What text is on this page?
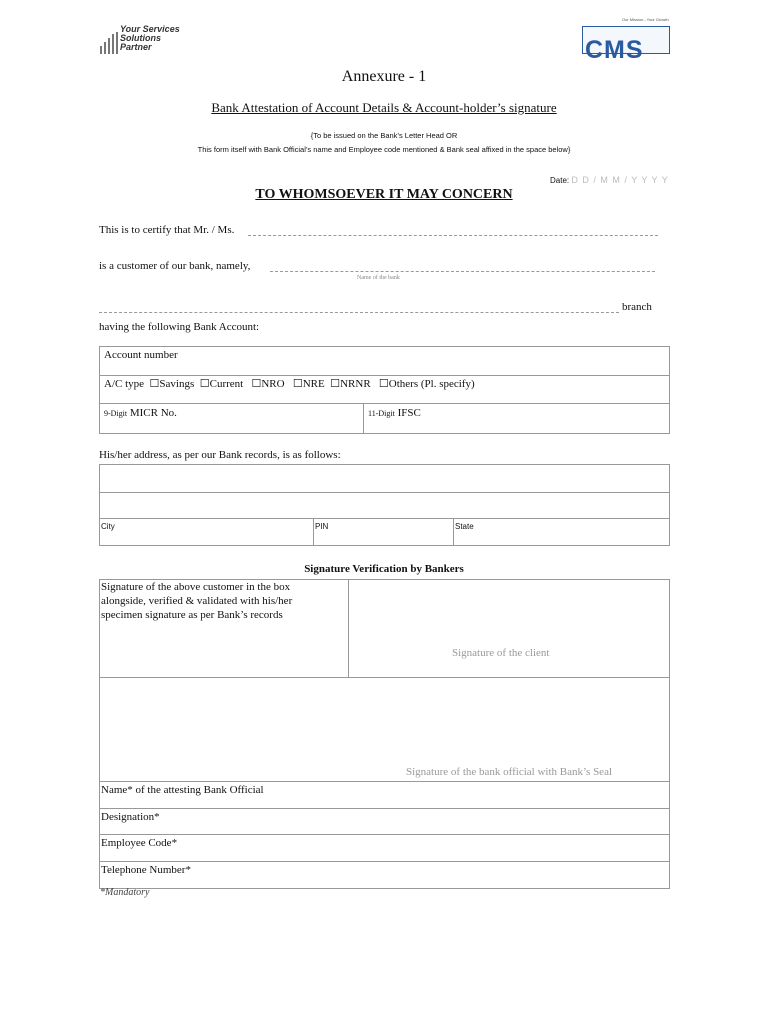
Your Services
Solutions
Partner
Our Mission...Your Growth
CMS
Annexure - 1
Bank Attestation of Account Details & Account-holder’s signature
{To be issued on the Bank’s Letter Head OR
This form itself with Bank Official’s name and Employee code mentioned & Bank seal affixed in the space below}
Date: D D / M M / Y Y Y Y
TO WHOMSOEVER IT MAY CONCERN
This is to certify that Mr. / Ms.
is a customer of our bank, namely,
Name of the bank
branch
having the following Bank Account:
Account number
A/C type  ☐Savings  ☐Current   ☐NRO   ☐NRE  ☐NRNR   ☐Others (Pl. specify)
9-Digit MICR No.	11-Digit IFSC
His/her address, as per our Bank records, is as follows:
City	PIN	State
Signature Verification by Bankers
Signature of the above customer in the box alongside, verified & validated with his/her specimen signature as per Bank’s records
Signature of the client
Signature of the bank official with Bank’s Seal
Name* of the attesting Bank Official
Designation*
Employee Code*
Telephone Number*
*Mandatory
